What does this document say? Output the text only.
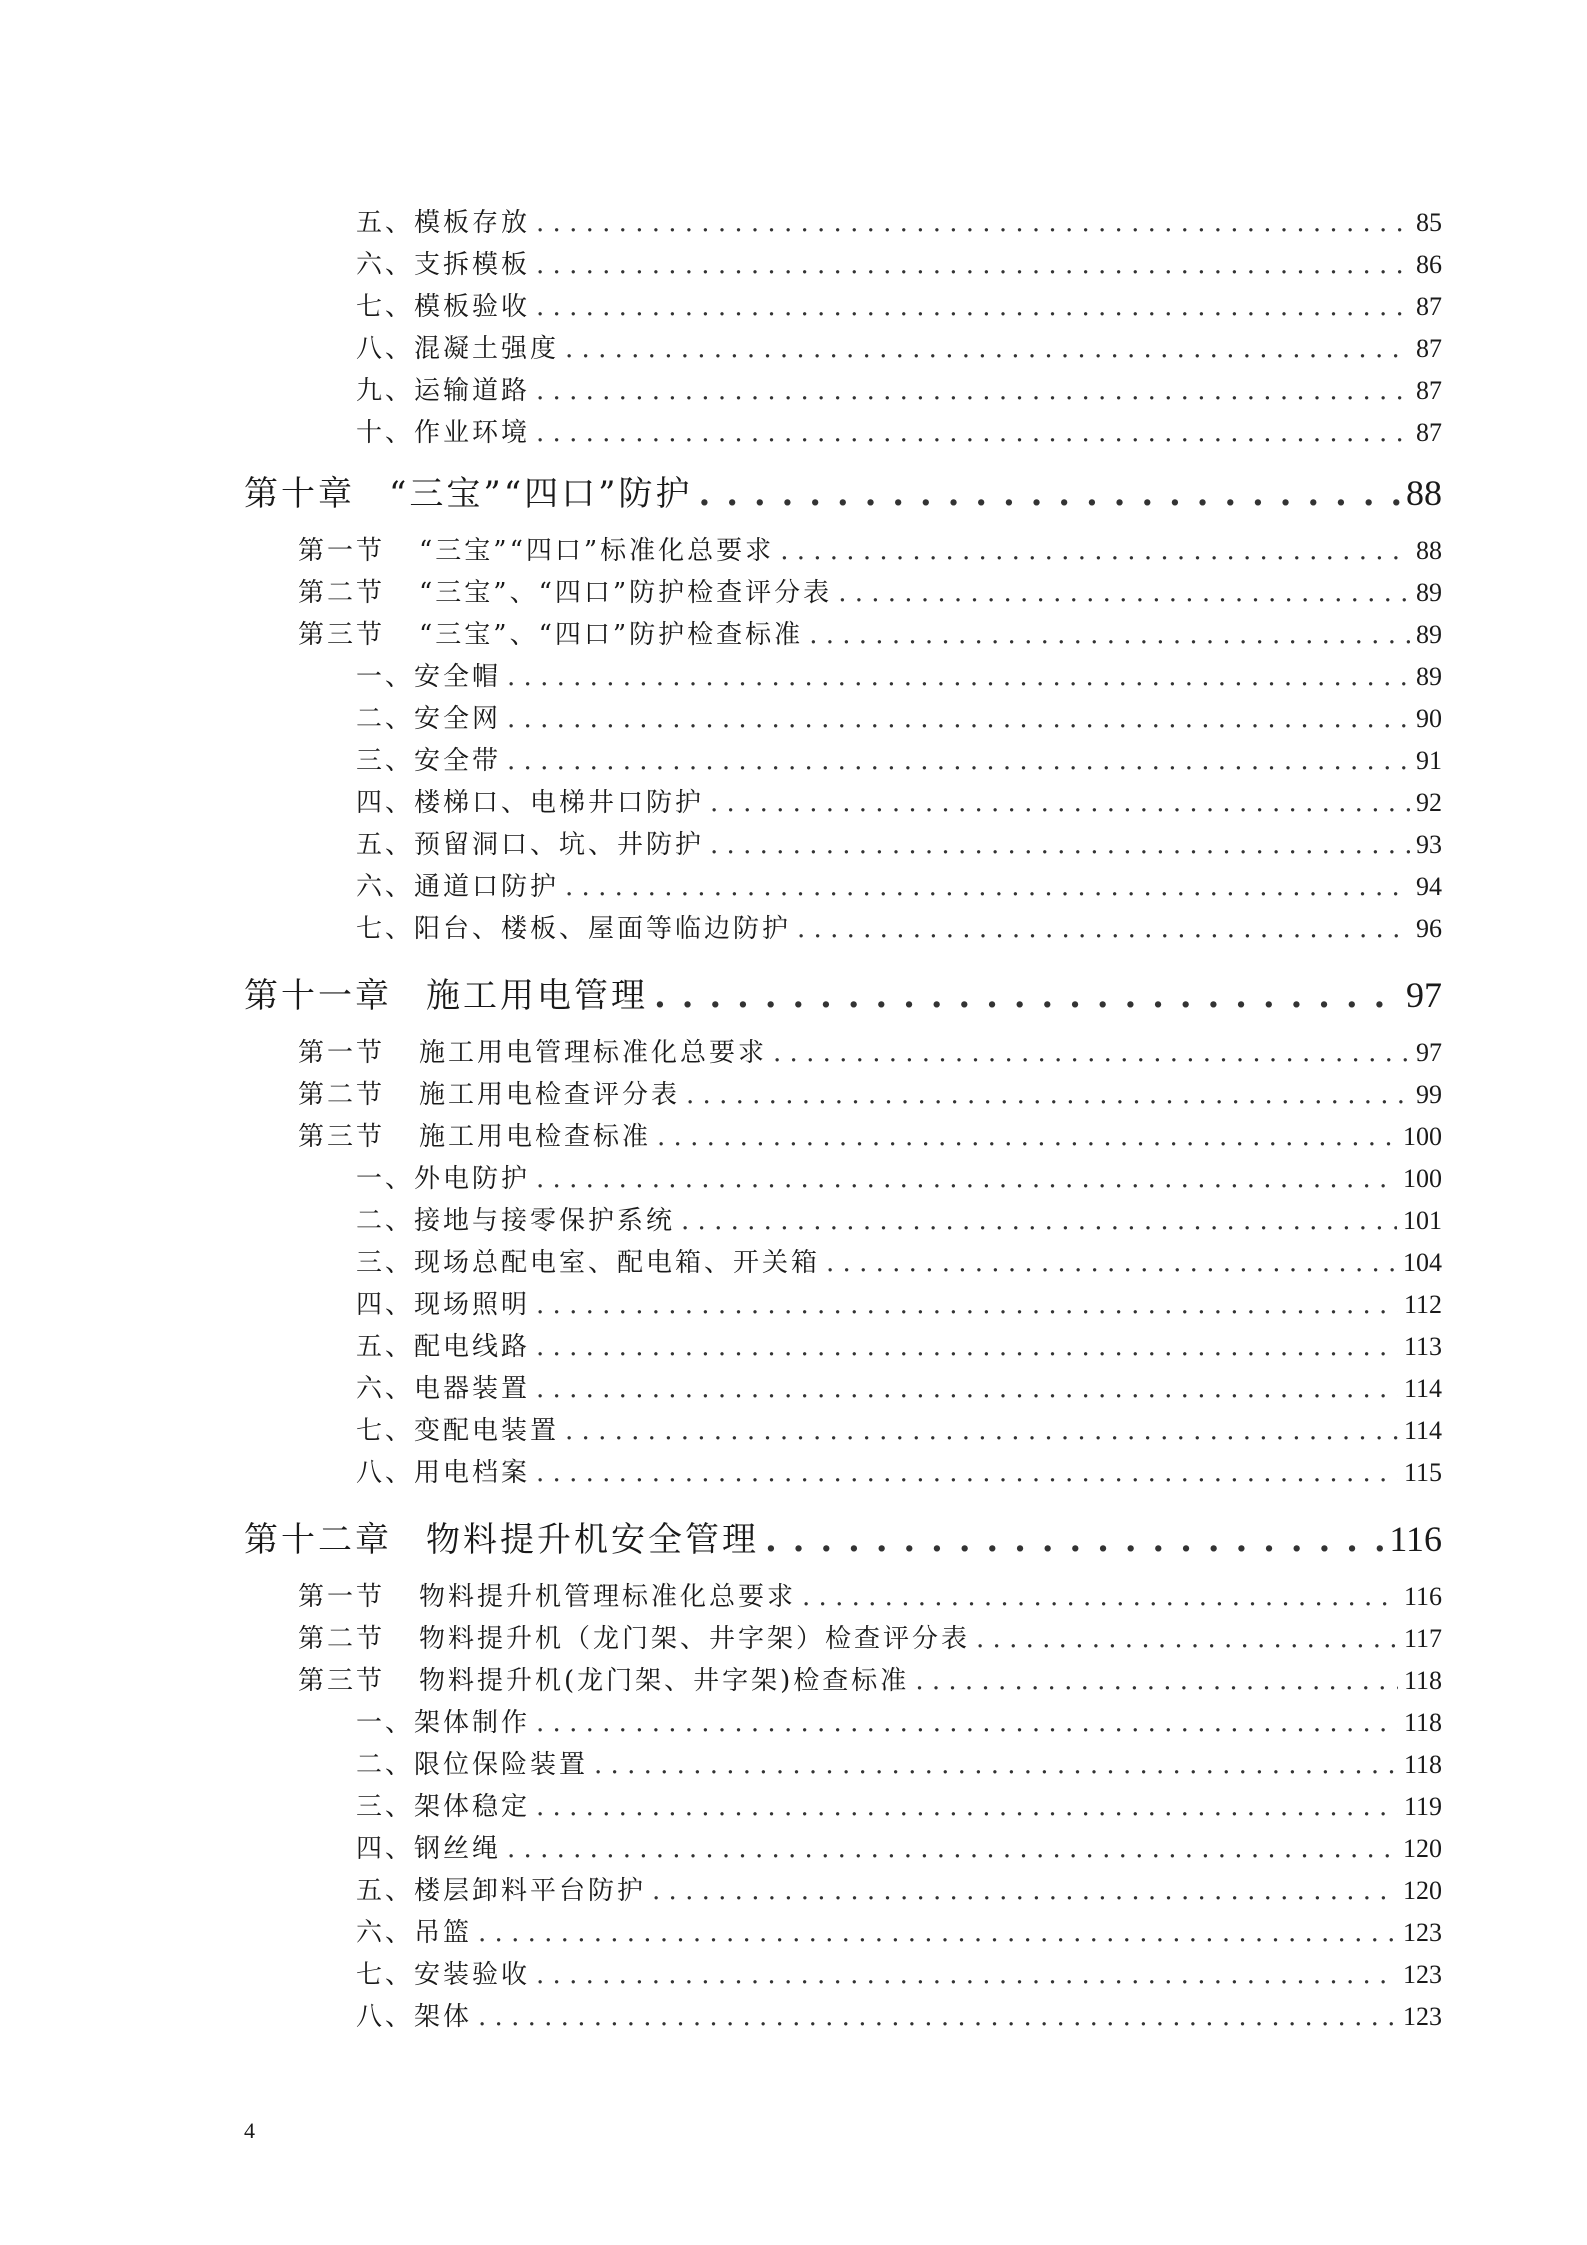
五、模板存放 . . .	85
六、支拆模板 . . .	86
七、模板验收 . . .	87
八、混凝土强度 . . .	87
九、运输道路 . . .	87
十、作业环境 . . .	87
第十章 “三宝”“四口”防护 . . .	88
第一节 “三宝”“四口”标准化总要求 . . .	88
第二节 “三宝”、“四口”防护检查评分表 . . .	89
第三节 “三宝”、“四口”防护检查标准 . . .	89
一、安全帽 . . .	89
二、安全网 . . .	90
三、安全带 . . .	91
四、楼梯口、电梯井口防护 . . .	92
五、预留洞口、坑、井防护 . . .	93
六、通道口防护 . . .	94
七、阳台、楼板、屋面等临边防护 . . .	96
第十一章 施工用电管理 . . .	97
第一节 施工用电管理标准化总要求 . . .	97
第二节 施工用电检查评分表 . . .	99
第三节 施工用电检查标准 . . .	100
一、外电防护 . . .	100
二、接地与接零保护系统 . . .	101
三、现场总配电室、配电箱、开关箱 . . .	104
四、现场照明 . . .	112
五、配电线路 . . .	113
六、电器装置 . . .	114
七、变配电装置 . . .	114
八、用电档案 . . .	115
第十二章 物料提升机安全管理 . . .	116
第一节 物料提升机管理标准化总要求 . . .	116
第二节 物料提升机（龙门架、井字架）检查评分表 . . .	117
第三节 物料提升机(龙门架、井字架)检查标准 . . .	118
一、架体制作 . . .	118
二、限位保险装置 . . .	118
三、架体稳定 . . .	119
四、钢丝绳 . . .	120
五、楼层卸料平台防护 . . .	120
六、吊篮 . . .	123
七、安装验收 . . .	123
八、架体 . . .	123
4
